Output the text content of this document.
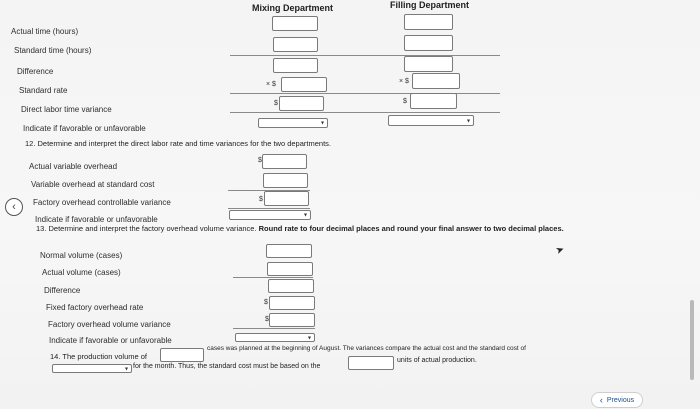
Mixing Department	Filling Department
Actual time (hours)
Standard time (hours)
Difference
Standard rate
Direct labor time variance
Indicate if favorable or unfavorable
× $
$
▾
× $
$
▾
12. Determine and interpret the direct labor rate and time variances for the two departments.
‹
Actual variable overhead
Variable overhead at standard cost
Factory overhead controllable variance
Indicate if favorable or unfavorable
$
$
▾
13. Determine and interpret the factory overhead volume variance. Round rate to four decimal places and round your final answer to two decimal places.
➤
Normal volume (cases)
Actual volume (cases)
Difference
Fixed factory overhead rate
Factory overhead volume variance
Indicate if favorable or unfavorable
$
$
▾
14. The production volume of
cases was planned at the beginning of August. The variances compare the actual cost and the standard cost of
▾ for the month. Thus, the standard cost must be based on the
units of actual production.
‹ Previous
